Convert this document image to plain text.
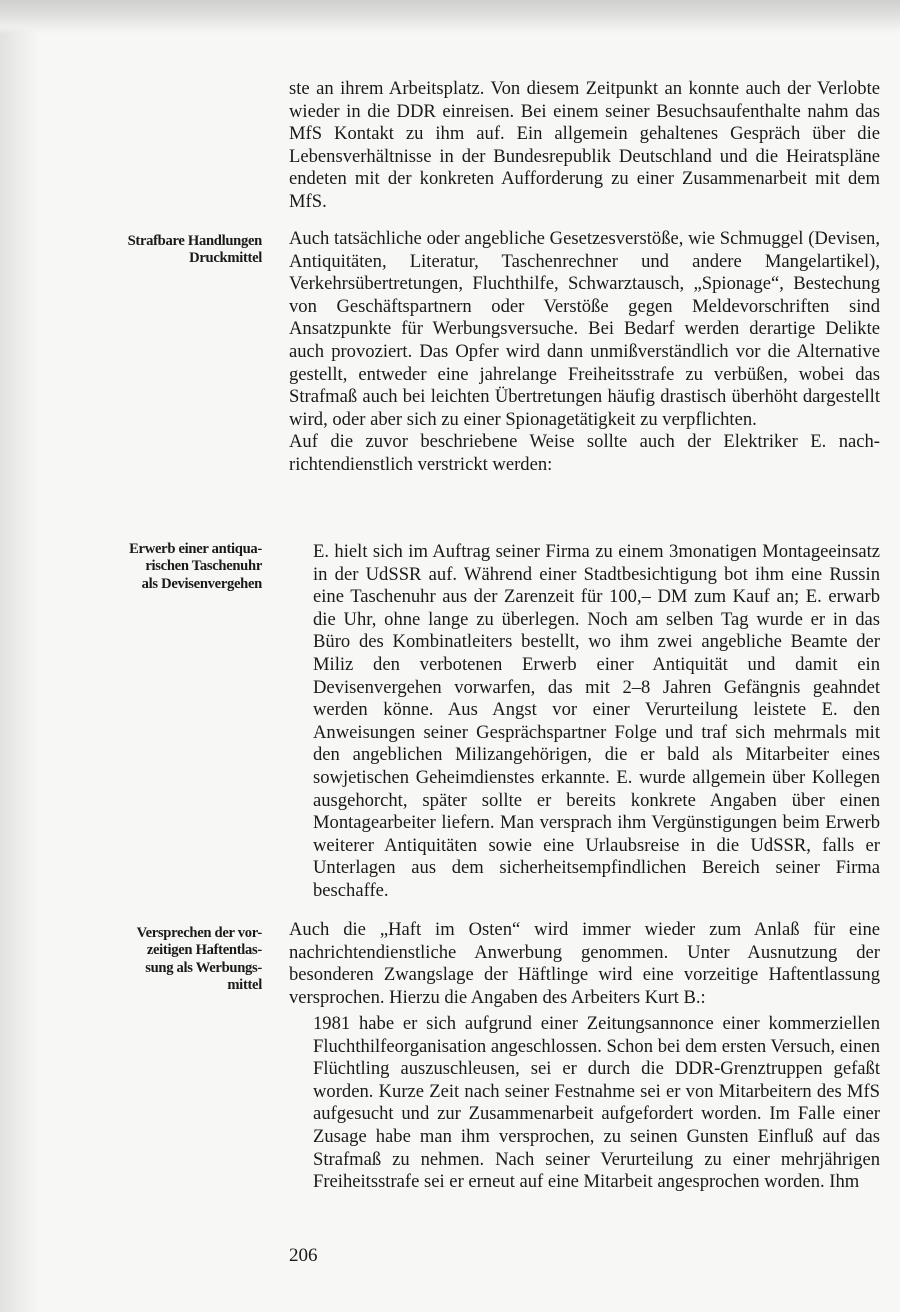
Strafbare Handlungen
Druckmittel
Erwerb einer antiqua-
rischen Taschenuhr
als Devisenvergehen
Versprechen der vor-
zeitigen Haftentlas-
sung als Werbungs-
mittel

ste an ihrem Arbeitsplatz. Von diesem Zeitpunkt an konnte auch der Verlobte wieder in die DDR einreisen. Bei einem seiner Besuchsaufenthalte nahm das MfS Kontakt zu ihm auf. Ein allgemein gehaltenes Gespräch über die Lebensverhältnisse in der Bundesrepublik Deutschland und die Heiratspläne endeten mit der konkreten Aufforderung zu einer Zusammenarbeit mit dem MfS.

Auch tatsächliche oder angebliche Gesetzesverstöße, wie Schmuggel (Devisen, Antiquitäten, Literatur, Taschenrechner und andere Mangelartikel), Verkehrsübertretungen, Fluchthilfe, Schwarztausch, „Spionage“, Bestechung von Geschäftspartnern oder Verstöße gegen Meldevorschriften sind Ansatzpunkte für Werbungsversuche. Bei Bedarf werden derartige Delikte auch provoziert. Das Opfer wird dann unmißverständlich vor die Alternative gestellt, entweder eine jahrelange Freiheitsstrafe zu verbüßen, wobei das Strafmaß auch bei leichten Übertretungen häufig drastisch überhöht dargestellt wird, oder aber sich zu einer Spionagetätigkeit zu verpflichten.

Auf die zuvor beschriebene Weise sollte auch der Elektriker E. nachrichtendienstlich verstrickt werden:

E. hielt sich im Auftrag seiner Firma zu einem 3monatigen Montageeinsatz in der UdSSR auf. Während einer Stadtbesichtigung bot ihm eine Russin eine Taschenuhr aus der Zarenzeit für 100,– DM zum Kauf an; E. erwarb die Uhr, ohne lange zu überlegen. Noch am selben Tag wurde er in das Büro des Kombinatleiters bestellt, wo ihm zwei angebliche Beamte der Miliz den verbotenen Erwerb einer Antiquität und damit ein Devisenvergehen vorwarfen, das mit 2–8 Jahren Gefängnis geahndet werden könne. Aus Angst vor einer Verurteilung leistete E. den Anweisungen seiner Gesprächspartner Folge und traf sich mehrmals mit den angeblichen Milizangehörigen, die er bald als Mitarbeiter eines sowjetischen Geheimdienstes erkannte. E. wurde allgemein über Kollegen ausgehorcht, später sollte er bereits konkrete Angaben über einen Montagearbeiter liefern. Man versprach ihm Vergünstigungen beim Erwerb weiterer Antiquitäten sowie eine Urlaubsreise in die UdSSR, falls er Unterlagen aus dem sicherheitsempfindlichen Bereich seiner Firma beschaffe.

Auch die „Haft im Osten“ wird immer wieder zum Anlaß für eine nachrichtendienstliche Anwerbung genommen. Unter Ausnutzung der besonderen Zwangslage der Häftlinge wird eine vorzeitige Haftentlassung versprochen. Hierzu die Angaben des Arbeiters Kurt B.:

1981 habe er sich aufgrund einer Zeitungsannonce einer kommerziellen Fluchthilfeorganisation angeschlossen. Schon bei dem ersten Versuch, einen Flüchtling auszuschleusen, sei er durch die DDR-Grenztruppen gefaßt worden. Kurze Zeit nach seiner Festnahme sei er von Mitarbeitern des MfS aufgesucht und zur Zusammenarbeit aufgefordert worden. Im Falle einer Zusage habe man ihm versprochen, zu seinen Gunsten Einfluß auf das Strafmaß zu nehmen. Nach seiner Verurteilung zu einer mehrjährigen Freiheitsstrafe sei er erneut auf eine Mitarbeit angesprochen worden. Ihm

206
